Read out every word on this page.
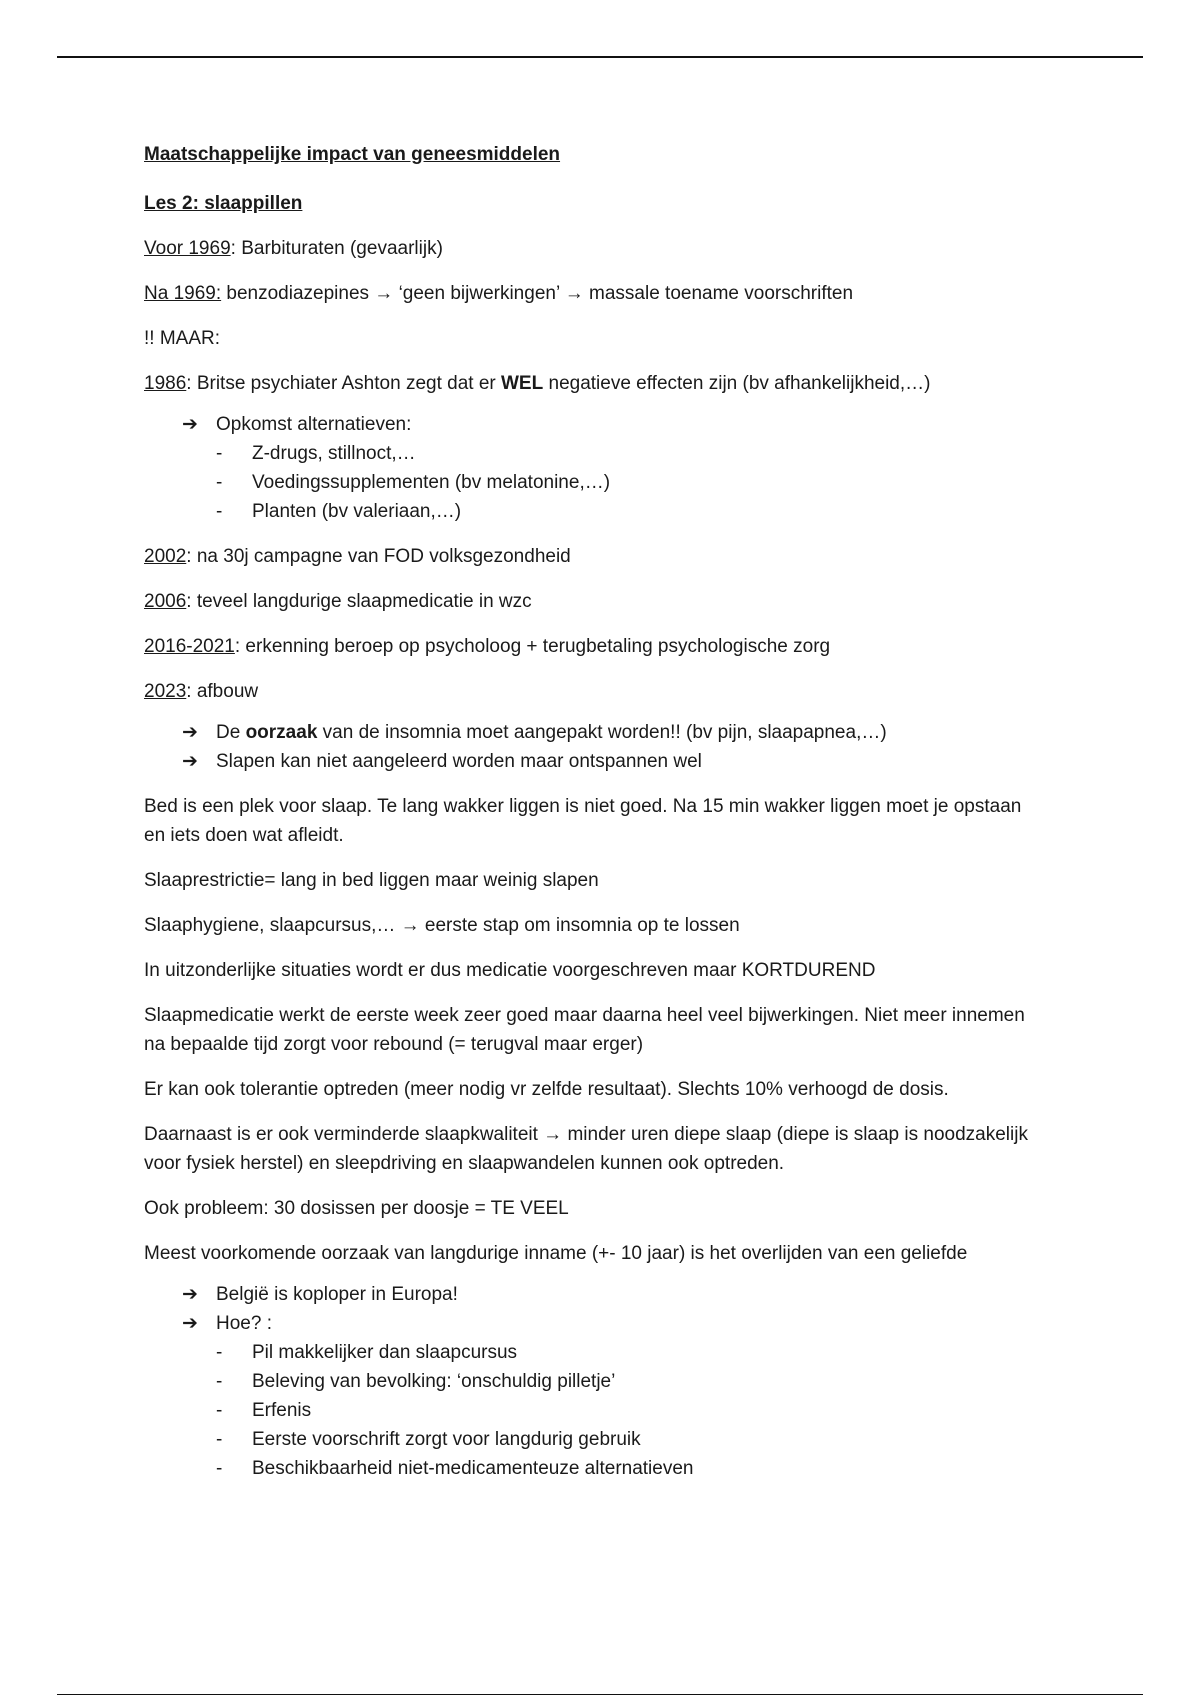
Maatschappelijke impact van geneesmiddelen

Les 2: slaappillen

Voor 1969: Barbituraten (gevaarlijk)

Na 1969: benzodiazepines → ‘geen bijwerkingen’ → massale toename voorschriften

!! MAAR:

1986: Britse psychiater Ashton zegt dat er WEL negatieve effecten zijn (bv afhankelijkheid,…)

➔ Opkomst alternatieven:
- Z-drugs, stillnoct,…
- Voedingssupplementen (bv melatonine,…)
- Planten (bv valeriaan,…)

2002: na 30j campagne van FOD volksgezondheid

2006: teveel langdurige slaapmedicatie in wzc

2016-2021: erkenning beroep op psycholoog + terugbetaling psychologische zorg

2023: afbouw

➔ De oorzaak van de insomnia moet aangepakt worden!! (bv pijn, slaapapnea,…)
➔ Slapen kan niet aangeleerd worden maar ontspannen wel

Bed is een plek voor slaap. Te lang wakker liggen is niet goed. Na 15 min wakker liggen moet je opstaan en iets doen wat afleidt.

Slaaprestrictie= lang in bed liggen maar weinig slapen

Slaaphygiene, slaapcursus,… → eerste stap om insomnia op te lossen

In uitzonderlijke situaties wordt er dus medicatie voorgeschreven maar KORTDUREND

Slaapmedicatie werkt de eerste week zeer goed maar daarna heel veel bijwerkingen. Niet meer innemen na bepaalde tijd zorgt voor rebound (= terugval maar erger)

Er kan ook tolerantie optreden (meer nodig vr zelfde resultaat). Slechts 10% verhoogd de dosis.

Daarnaast is er ook verminderde slaapkwaliteit → minder uren diepe slaap (diepe is slaap is noodzakelijk voor fysiek herstel) en sleepdriving en slaapwandelen kunnen ook optreden.

Ook probleem: 30 dosissen per doosje = TE VEEL

Meest voorkomende oorzaak van langdurige inname (+- 10 jaar) is het overlijden van een geliefde

➔ België is koploper in Europa!
➔ Hoe? :
- Pil makkelijker dan slaapcursus
- Beleving van bevolking: ‘onschuldig pilletje’
- Erfenis
- Eerste voorschrift zorgt voor langdurig gebruik
- Beschikbaarheid niet-medicamenteuze alternatieven
